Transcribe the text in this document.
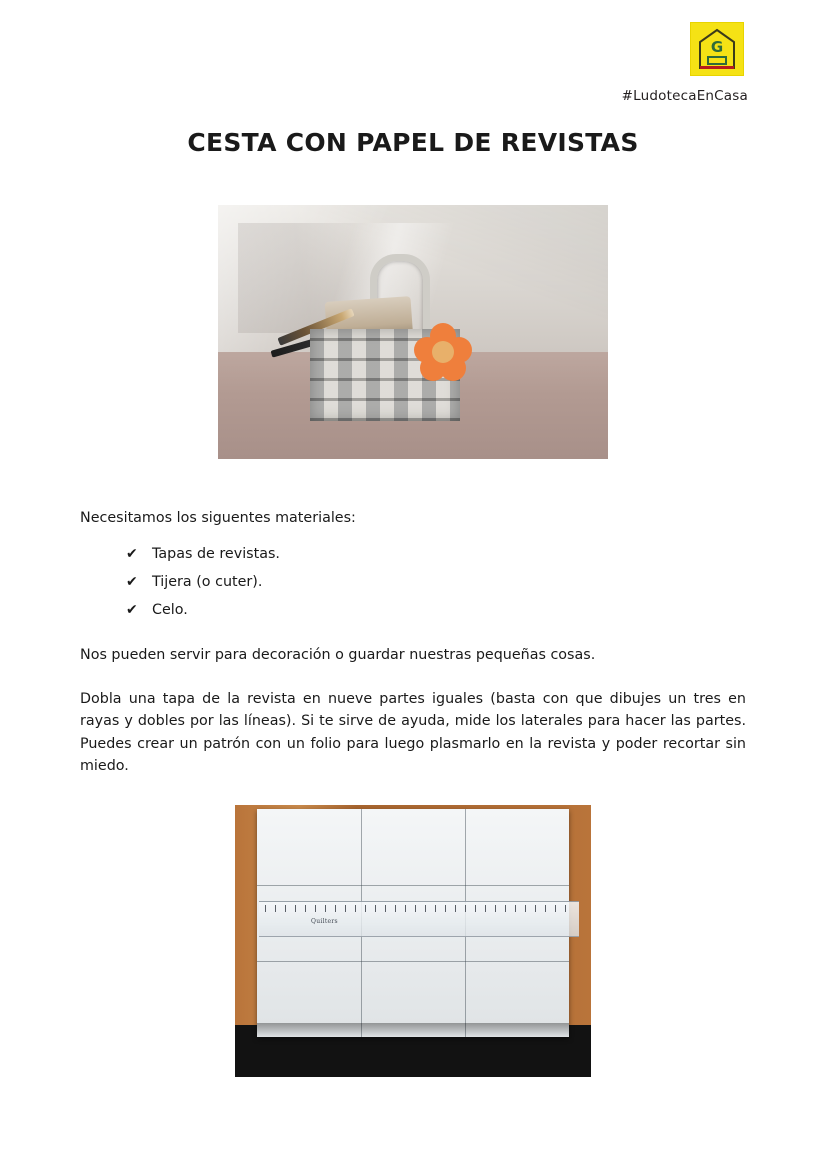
G
#LudotecaEnCasa
CESTA CON PAPEL DE REVISTAS

Necesitamos los siguentes materiales:

✔ Tapas de revistas.
✔ Tijera (o cuter).
✔ Celo.

Nos pueden servir para decoración o guardar nuestras pequeñas cosas.

Dobla una tapa de la revista en nueve partes iguales (basta con que dibujes un tres en rayas y dobles por las líneas). Si te sirve de ayuda, mide los laterales para hacer las partes. Puedes crear un patrón con un folio para luego plasmarlo en la revista y poder recortar sin miedo.

Quilters
